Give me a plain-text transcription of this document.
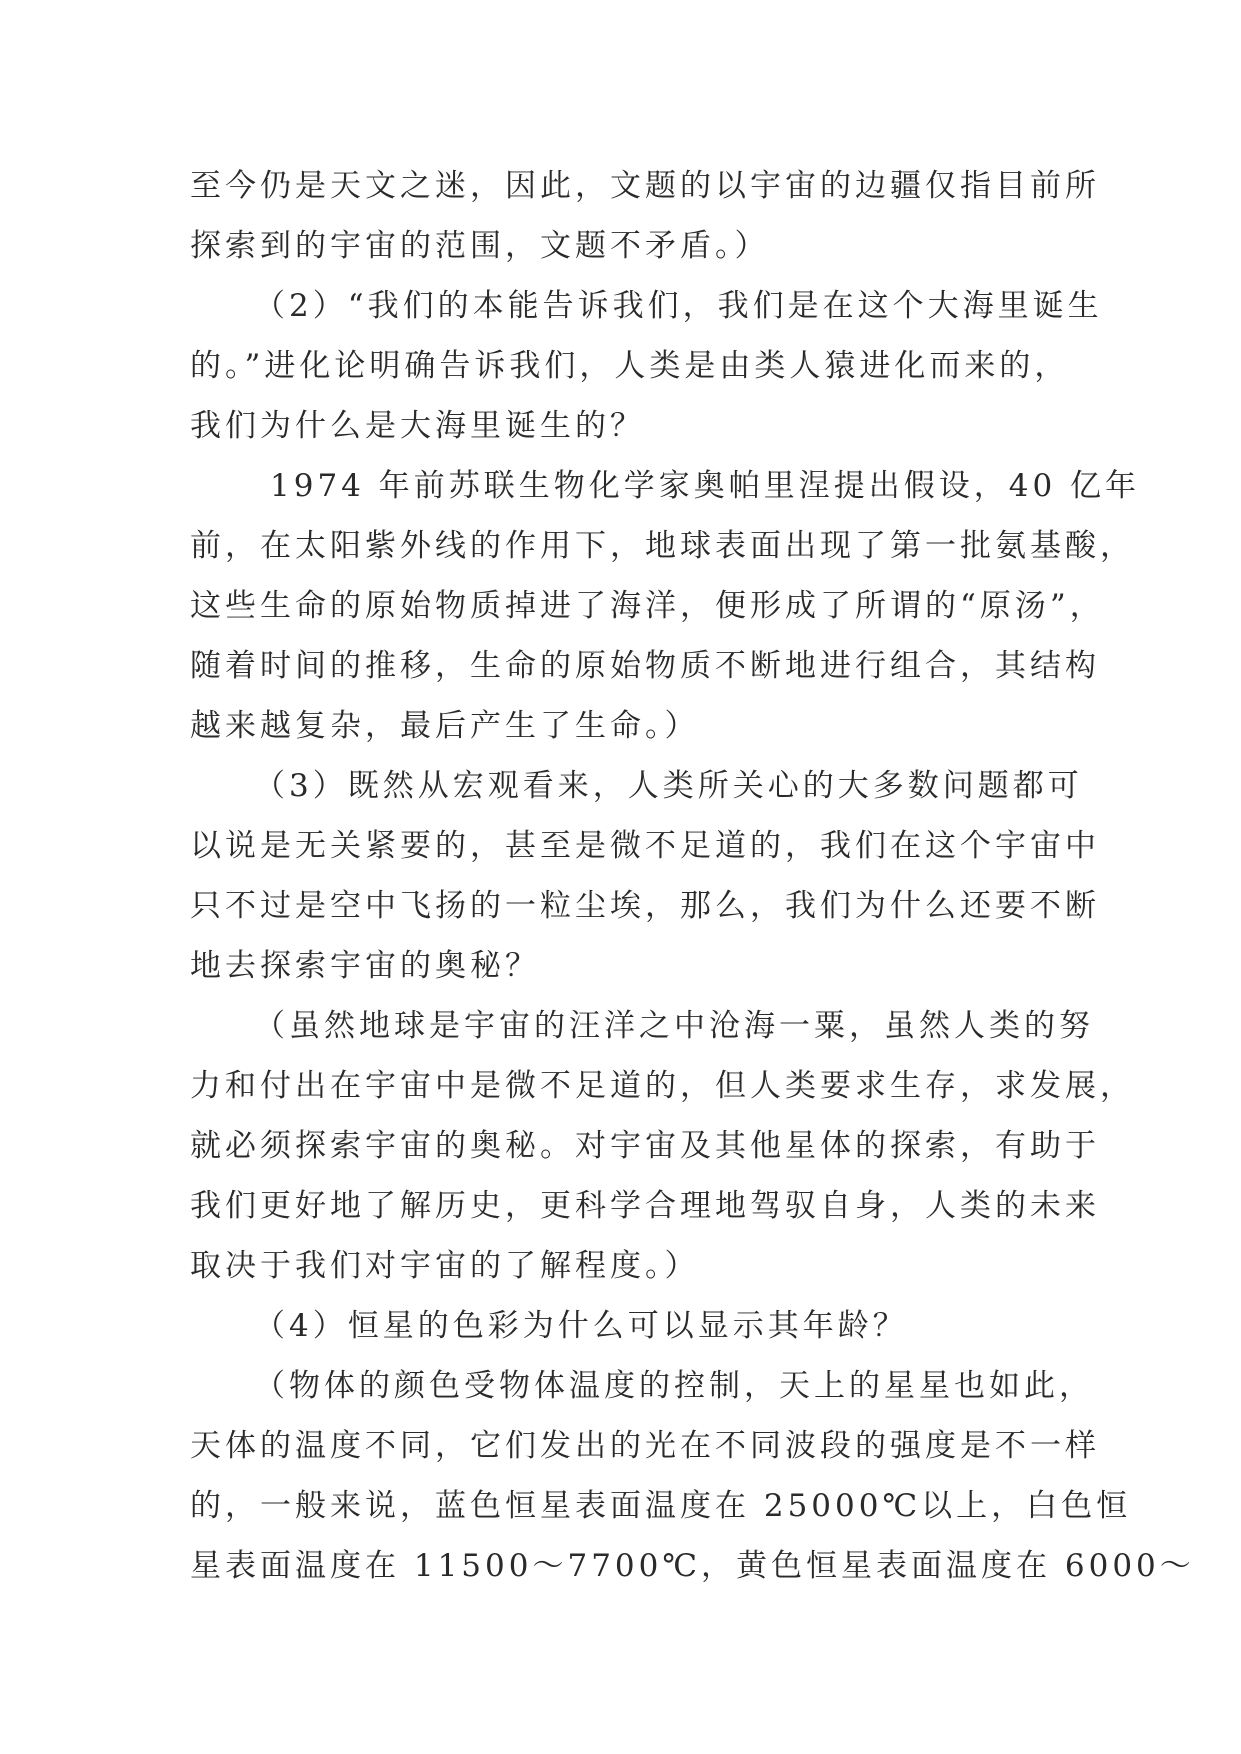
至今仍是天文之迷，因此，文题的以宇宙的边疆仅指目前所
探索到的宇宙的范围，文题不矛盾。）
（2）“我们的本能告诉我们，我们是在这个大海里诞生
的。”进化论明确告诉我们，人类是由类人猿进化而来的，
我们为什么是大海里诞生的？
1974 年前苏联生物化学家奥帕里涅提出假设，40 亿年
前，在太阳紫外线的作用下，地球表面出现了第一批氨基酸，
这些生命的原始物质掉进了海洋，便形成了所谓的“原汤”，
随着时间的推移，生命的原始物质不断地进行组合，其结构
越来越复杂，最后产生了生命。）
（3）既然从宏观看来，人类所关心的大多数问题都可
以说是无关紧要的，甚至是微不足道的，我们在这个宇宙中
只不过是空中飞扬的一粒尘埃，那么，我们为什么还要不断
地去探索宇宙的奥秘？
（虽然地球是宇宙的汪洋之中沧海一粟，虽然人类的努
力和付出在宇宙中是微不足道的，但人类要求生存，求发展，
就必须探索宇宙的奥秘。对宇宙及其他星体的探索，有助于
我们更好地了解历史，更科学合理地驾驭自身，人类的未来
取决于我们对宇宙的了解程度。）
（4）恒星的色彩为什么可以显示其年龄？
（物体的颜色受物体温度的控制，天上的星星也如此，
天体的温度不同，它们发出的光在不同波段的强度是不一样
的，一般来说，蓝色恒星表面温度在 25000℃以上，白色恒
星表面温度在 11500～7700℃，黄色恒星表面温度在 6000～
